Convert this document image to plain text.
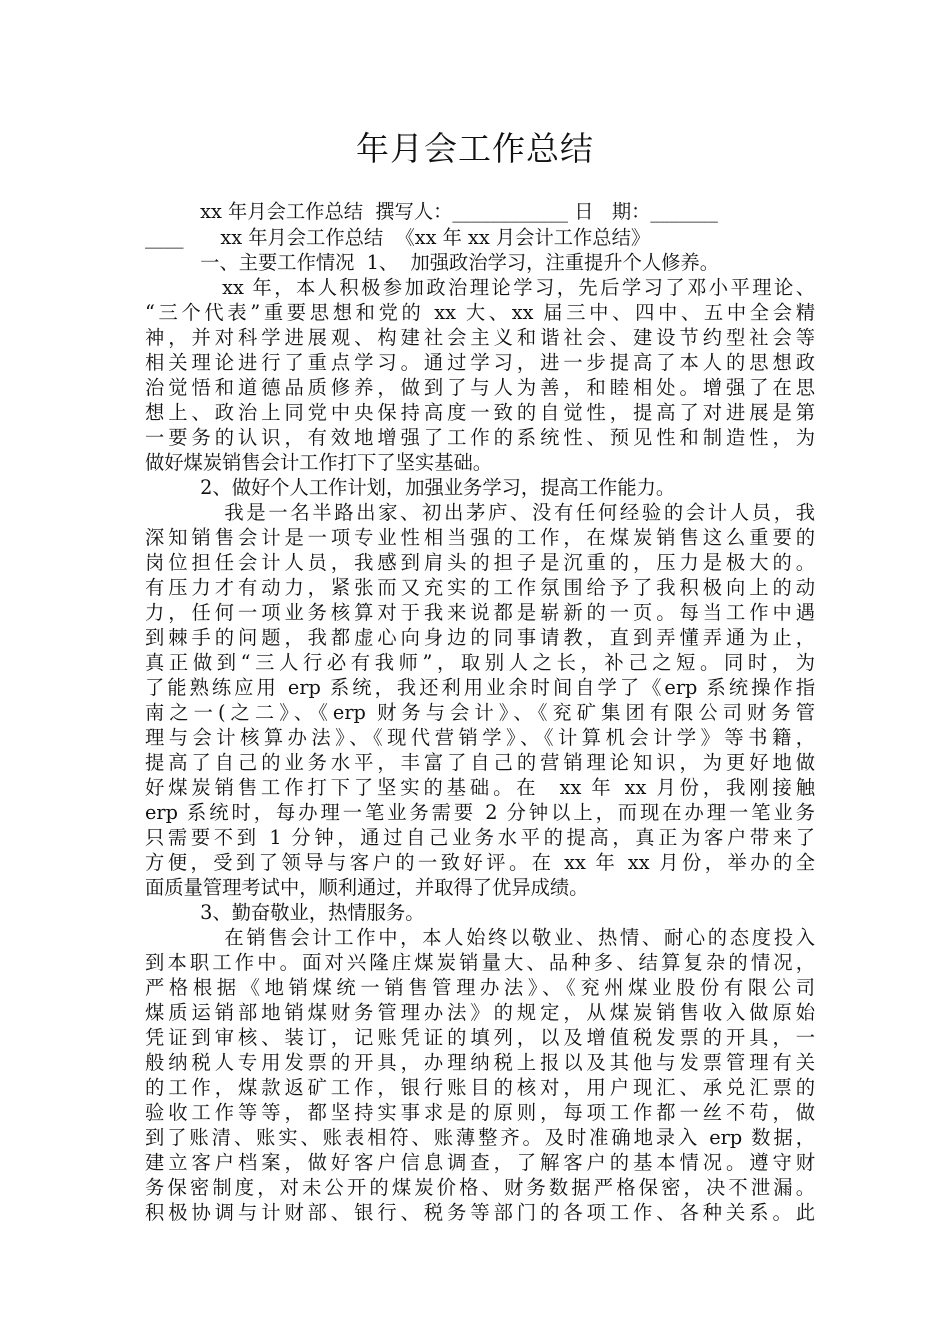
年月会工作总结
xx 年月会工作总结  撰写人：____________ 日   期：_______
____      xx 年月会工作总结  《xx 年 xx 月会计工作总结》
一、主要工作情况  1、  加强政治学习，注重提升个人修养。
xx 年，本人积极参加政治理论学习，先后学习了邓小平理论、
“三个代表”重要思想和党的 xx 大、xx 届三中、四中、五中全会精
神，并对科学进展观、构建社会主义和谐社会、建设节约型社会等
相关理论进行了重点学习。通过学习，进一步提高了本人的思想政
治觉悟和道德品质修养，做到了与人为善，和睦相处。增强了在思
想上、政治上同党中央保持高度一致的自觉性，提高了对进展是第
一要务的认识，有效地增强了工作的系统性、预见性和制造性，为
做好煤炭销售会计工作打下了坚实基础。
2、做好个人工作计划，加强业务学习，提高工作能力。
我是一名半路出家、初出茅庐、没有任何经验的会计人员，我
深知销售会计是一项专业性相当强的工作，在煤炭销售这么重要的
岗位担任会计人员，我感到肩头的担子是沉重的，压力是极大的。
有压力才有动力，紧张而又充实的工作氛围给予了我积极向上的动
力，任何一项业务核算对于我来说都是崭新的一页。每当工作中遇
到棘手的问题，我都虚心向身边的同事请教，直到弄懂弄通为止，
真正做到“三人行必有我师”，取别人之长，补己之短。同时，为
了能熟练应用 erp 系统，我还利用业余时间自学了《erp 系统操作指
南之一(之二》、《erp 财务与会计》、《兖矿集团有限公司财务管
理与会计核算办法》、《现代营销学》、《计算机会计学》等书籍，
提高了自己的业务水平，丰富了自己的营销理论知识，为更好地做
好煤炭销售工作打下了坚实的基础。在  xx 年 xx 月份，我刚接触
erp 系统时，每办理一笔业务需要 2 分钟以上，而现在办理一笔业务
只需要不到 1 分钟，通过自己业务水平的提高，真正为客户带来了
方便，受到了领导与客户的一致好评。在 xx 年 xx 月份，举办的全
面质量管理考试中，顺利通过，并取得了优异成绩。
3、勤奋敬业，热情服务。
在销售会计工作中，本人始终以敬业、热情、耐心的态度投入
到本职工作中。面对兴隆庄煤炭销量大、品种多、结算复杂的情况，
严格根据《地销煤统一销售管理办法》、《兖州煤业股份有限公司
煤质运销部地销煤财务管理办法》的规定，从煤炭销售收入做原始
凭证到审核、装订，记账凭证的填列，以及增值税发票的开具，一
般纳税人专用发票的开具，办理纳税上报以及其他与发票管理有关
的工作，煤款返矿工作，银行账目的核对，用户现汇、承兑汇票的
验收工作等等，都坚持实事求是的原则，每项工作都一丝不苟，做
到了账清、账实、账表相符、账薄整齐。及时准确地录入 erp 数据，
建立客户档案，做好客户信息调查，了解客户的基本情况。遵守财
务保密制度，对未公开的煤炭价格、财务数据严格保密，决不泄漏。
积极协调与计财部、银行、税务等部门的各项工作、各种关系。此
